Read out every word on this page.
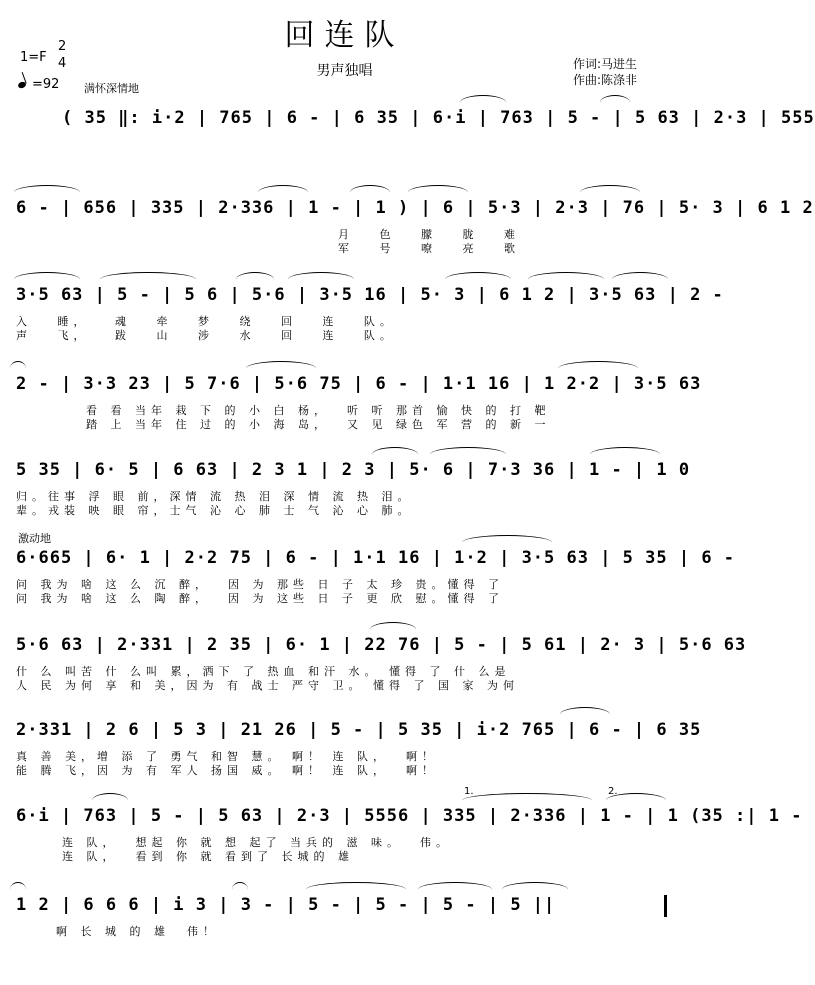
回连队
男声独唱	作词:马进生
作曲:陈涤非
1=F
2
4
=92 满怀深情地
激动地
( 35 ‖: i·2 | 765 | 6 - | 6 35 | 6·i | 763 | 5 - | 5 63 | 2·3 | 555
6 - | 656 | 335 | 2·336 | 1 - | 1 ) | 6 | 5·3 | 2·3 | 76 | 5· 3 | 6 1 2
月   色   朦   胧   难
军   号   嘹   亮   歌
3·5 63 | 5 - | 5 6 | 5·6 | 3·5 16 | 5· 3 | 6 1 2 | 3·5 63 | 2 -
入   睡，   魂   牵   梦   绕   回   连   队。
声   飞，   跋   山   涉   水   回   连   队。
2 - | 3·3 23 | 5 7·6 | 5·6 75 | 6 - | 1·1 16 | 1 2·2 | 3·5 63
看 看 当年 栽 下 的 小 白 杨，  听 听 那首 愉 快 的 打 靶
踏 上 当年 住 过 的 小 海 岛，  又 见 绿色 军 营 的 新 一
5 35 | 6· 5 | 6 63 | 2 3 1 | 2 3 | 5· 6 | 7·3 36 | 1 - | 1 0
归。往事 浮 眼 前，深情 流 热 泪 深 情 流 热 泪。
辈。戎装 映 眼 帘，士气 沁 心 肺 士 气 沁 心 肺。
6·665 | 6· 1 | 2·2 75 | 6 - | 1·1 16 | 1·2 | 3·5 63 | 5 35 | 6 -
问 我为 啥 这 么 沉 醉，  因 为 那些 日 子 太 珍 贵。懂得 了
问 我为 啥 这 么 陶 醉，  因 为 这些 日 子 更 欣 慰。懂得 了
5·6 63 | 2·331 | 2 35 | 6· 1 | 22 76 | 5 - | 5 61 | 2· 3 | 5·6 63
什 么 叫苦 什 么叫 累，洒下 了 热血 和汗 水。 懂得 了 什 么是
人 民 为何 享 和 美，因为 有 战士 严守 卫。 懂得 了 国 家 为何
2·331 | 2 6 | 5 3 | 21 26 | 5 - | 5 35 | i·2 765 | 6 - | 6 35
真 善 美，增 添 了 勇气 和智 慧。 啊！ 连 队，  啊！
能 腾 飞，因 为 有 军人 扬国 威。 啊！ 连 队，  啊！
6·i | 763 | 5 - | 5 63 | 2·3 | 5556 | 335 | 2·336 | 1 - | 1 (35 :| 1 -
1.	2.
连 队，  想起 你 就 想 起了 当兵的 滋 味。  伟。
连 队，  看到 你 就 看到了 长城的 雄
1 2 | 6 6 6 | i 3 | 3 - | 5 - | 5 - | 5 - | 5 ||
啊 长 城 的 雄  伟！
